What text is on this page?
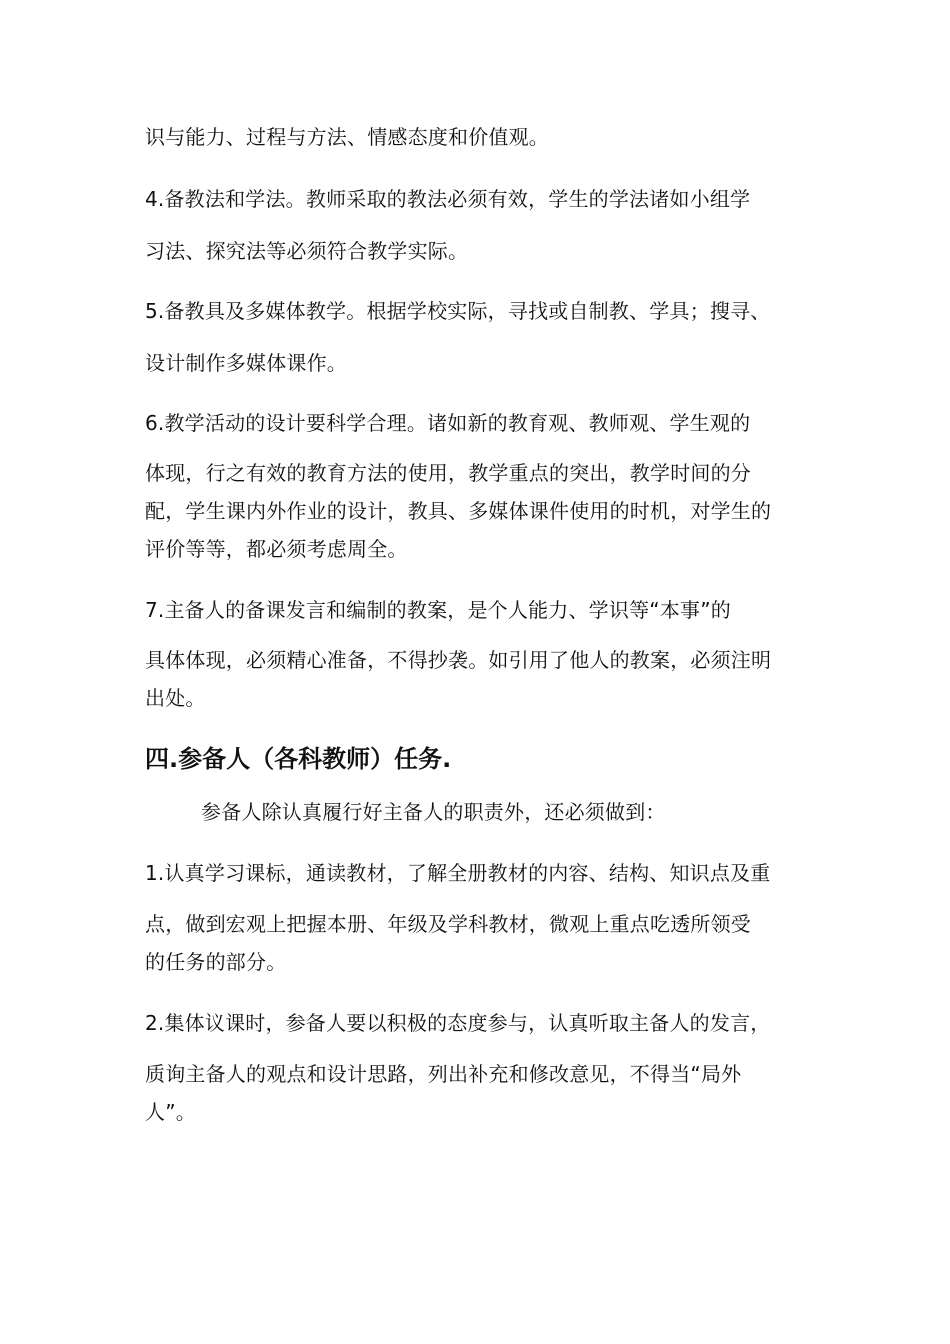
识与能力、过程与方法、情感态度和价值观。
4.备教法和学法。教师采取的教法必须有效，学生的学法诸如小组学
习法、探究法等必须符合教学实际。
5.备教具及多媒体教学。根据学校实际，寻找或自制教、学具；搜寻、
设计制作多媒体课作。
6.教学活动的设计要科学合理。诸如新的教育观、教师观、学生观的
体现，行之有效的教育方法的使用，教学重点的突出，教学时间的分
配，学生课内外作业的设计，教具、多媒体课件使用的时机，对学生的
评价等等，都必须考虑周全。
7.主备人的备课发言和编制的教案，是个人能力、学识等“本事”的
具体体现，必须精心准备，不得抄袭。如引用了他人的教案，必须注明
出处。
四.参备人（各科教师）任务.
参备人除认真履行好主备人的职责外，还必须做到：
1.认真学习课标，通读教材，了解全册教材的内容、结构、知识点及重
点，做到宏观上把握本册、年级及学科教材，微观上重点吃透所领受
的任务的部分。
2.集体议课时，参备人要以积极的态度参与，认真听取主备人的发言，
质询主备人的观点和设计思路，列出补充和修改意见，不得当“局外
人”。
